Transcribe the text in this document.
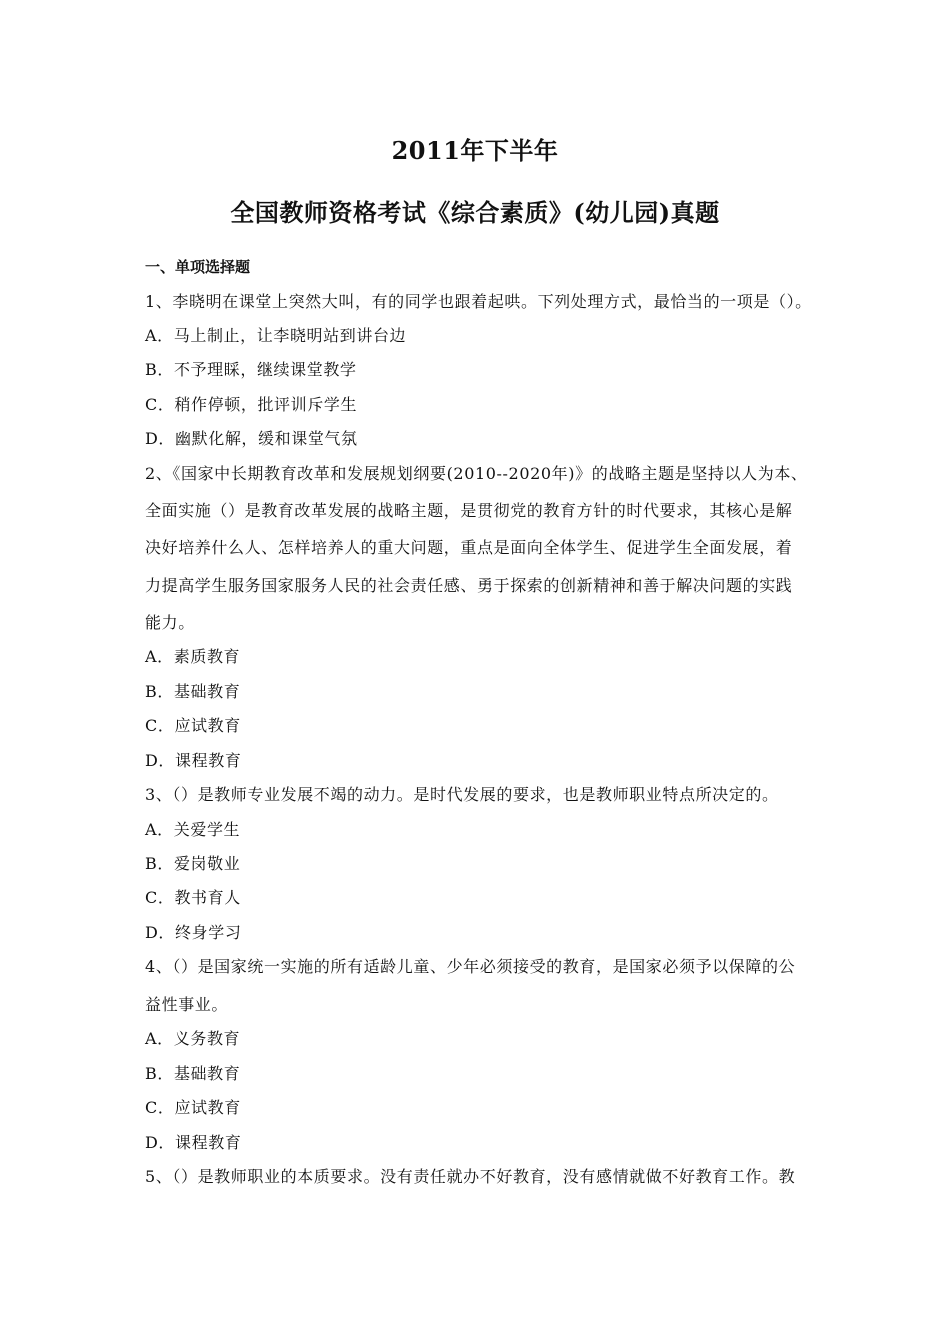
2011年下半年
全国教师资格考试《综合素质》(幼儿园)真题
一、单项选择题
1、李晓明在课堂上突然大叫，有的同学也跟着起哄。下列处理方式，最恰当的一项是（）。
A．马上制止，让李晓明站到讲台边
B．不予理睬，继续课堂教学
C．稍作停顿，批评训斥学生
D．幽默化解，缓和课堂气氛
2、《国家中长期教育改革和发展规划纲要(2010--2020年)》的战略主题是坚持以人为本、
全面实施（）是教育改革发展的战略主题，是贯彻党的教育方针的时代要求，其核心是解
决好培养什么人、怎样培养人的重大问题，重点是面向全体学生、促进学生全面发展，着
力提高学生服务国家服务人民的社会责任感、勇于探索的创新精神和善于解决问题的实践
能力。
A．素质教育
B．基础教育
C．应试教育
D．课程教育
3、（）是教师专业发展不竭的动力。是时代发展的要求，也是教师职业特点所决定的。
A．关爱学生
B．爱岗敬业
C．教书育人
D．终身学习
4、（）是国家统一实施的所有适龄儿童、少年必须接受的教育，是国家必须予以保障的公
益性事业。
A．义务教育
B．基础教育
C．应试教育
D．课程教育
5、（）是教师职业的本质要求。没有责任就办不好教育，没有感情就做不好教育工作。教
